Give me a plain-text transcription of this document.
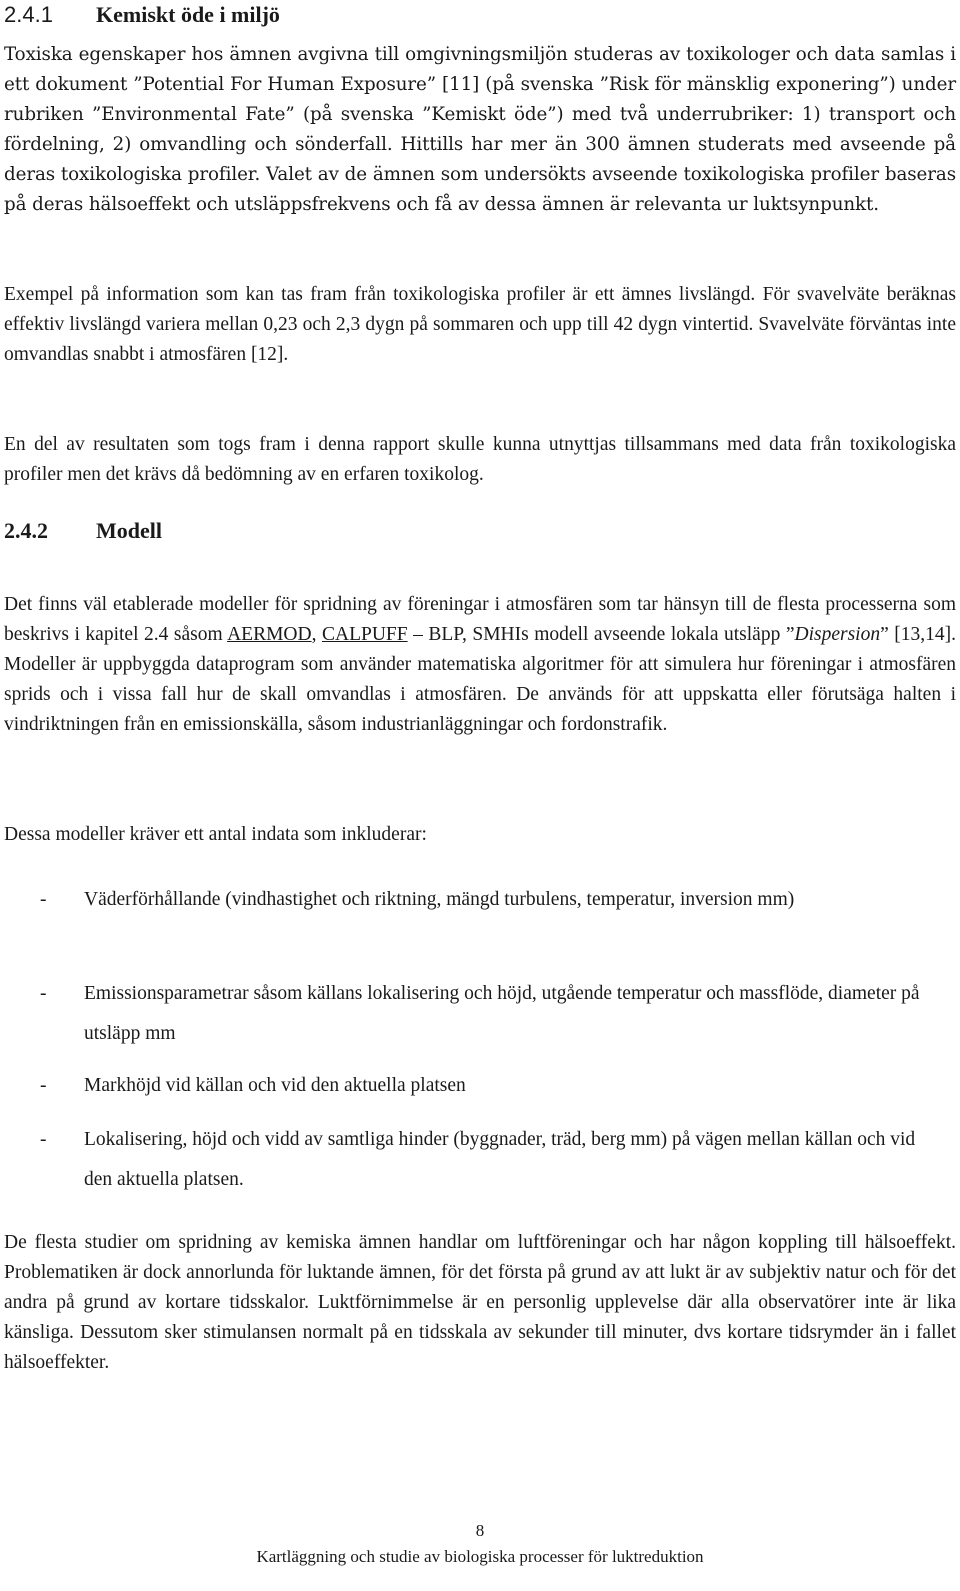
2.4.1 Kemiskt öde i miljö

Toxiska egenskaper hos ämnen avgivna till omgivningsmiljön studeras av toxikologer och data samlas i ett dokument ”Potential For Human Exposure” [11] (på svenska ”Risk för mänsklig exponering”) under rubriken ”Environmental Fate” (på svenska ”Kemiskt öde”) med två underrubriker: 1) transport och fördelning, 2) omvandling och sönderfall. Hittills har mer än 300 ämnen studerats med avseende på deras toxikologiska profiler. Valet av de ämnen som undersökts avseende toxikologiska profiler baseras på deras hälsoeffekt och utsläppsfrekvens och få av dessa ämnen är relevanta ur luktsynpunkt.

Exempel på information som kan tas fram från toxikologiska profiler är ett ämnes livslängd. För svavelväte beräknas effektiv livslängd variera mellan 0,23 och 2,3 dygn på sommaren och upp till 42 dygn vintertid. Svavelväte förväntas inte omvandlas snabbt i atmosfären [12].

En del av resultaten som togs fram i denna rapport skulle kunna utnyttjas tillsammans med data från toxikologiska profiler men det krävs då bedömning av en erfaren toxikolog.

2.4.2 Modell

Det finns väl etablerade modeller för spridning av föreningar i atmosfären som tar hänsyn till de flesta processerna som beskrivs i kapitel 2.4 såsom AERMOD, CALPUFF – BLP, SMHIs modell avseende lokala utsläpp ”Dispersion” [13,14]. Modeller är uppbyggda dataprogram som använder matematiska algoritmer för att simulera hur föreningar i atmosfären sprids och i vissa fall hur de skall omvandlas i atmosfären. De används för att uppskatta eller förutsäga halten i vindriktningen från en emissionskälla, såsom industrianläggningar och fordonstrafik.

Dessa modeller kräver ett antal indata som inkluderar:

- Väderförhållande (vindhastighet och riktning, mängd turbulens, temperatur, inversion mm)
- Emissionsparametrar såsom källans lokalisering och höjd, utgående temperatur och massflöde, diameter på utsläpp mm
- Markhöjd vid källan och vid den aktuella platsen
- Lokalisering, höjd och vidd av samtliga hinder (byggnader, träd, berg mm) på vägen mellan källan och vid den aktuella platsen.

De flesta studier om spridning av kemiska ämnen handlar om luftföreningar och har någon koppling till hälsoeffekt. Problematiken är dock annorlunda för luktande ämnen, för det första på grund av att lukt är av subjektiv natur och för det andra på grund av kortare tidsskalor. Luktförnimmelse är en personlig upplevelse där alla observatörer inte är lika känsliga. Dessutom sker stimulansen normalt på en tidsskala av sekunder till minuter, dvs kortare tidsrymder än i fallet hälsoeffekter.

8
Kartläggning och studie av biologiska processer för luktreduktion
